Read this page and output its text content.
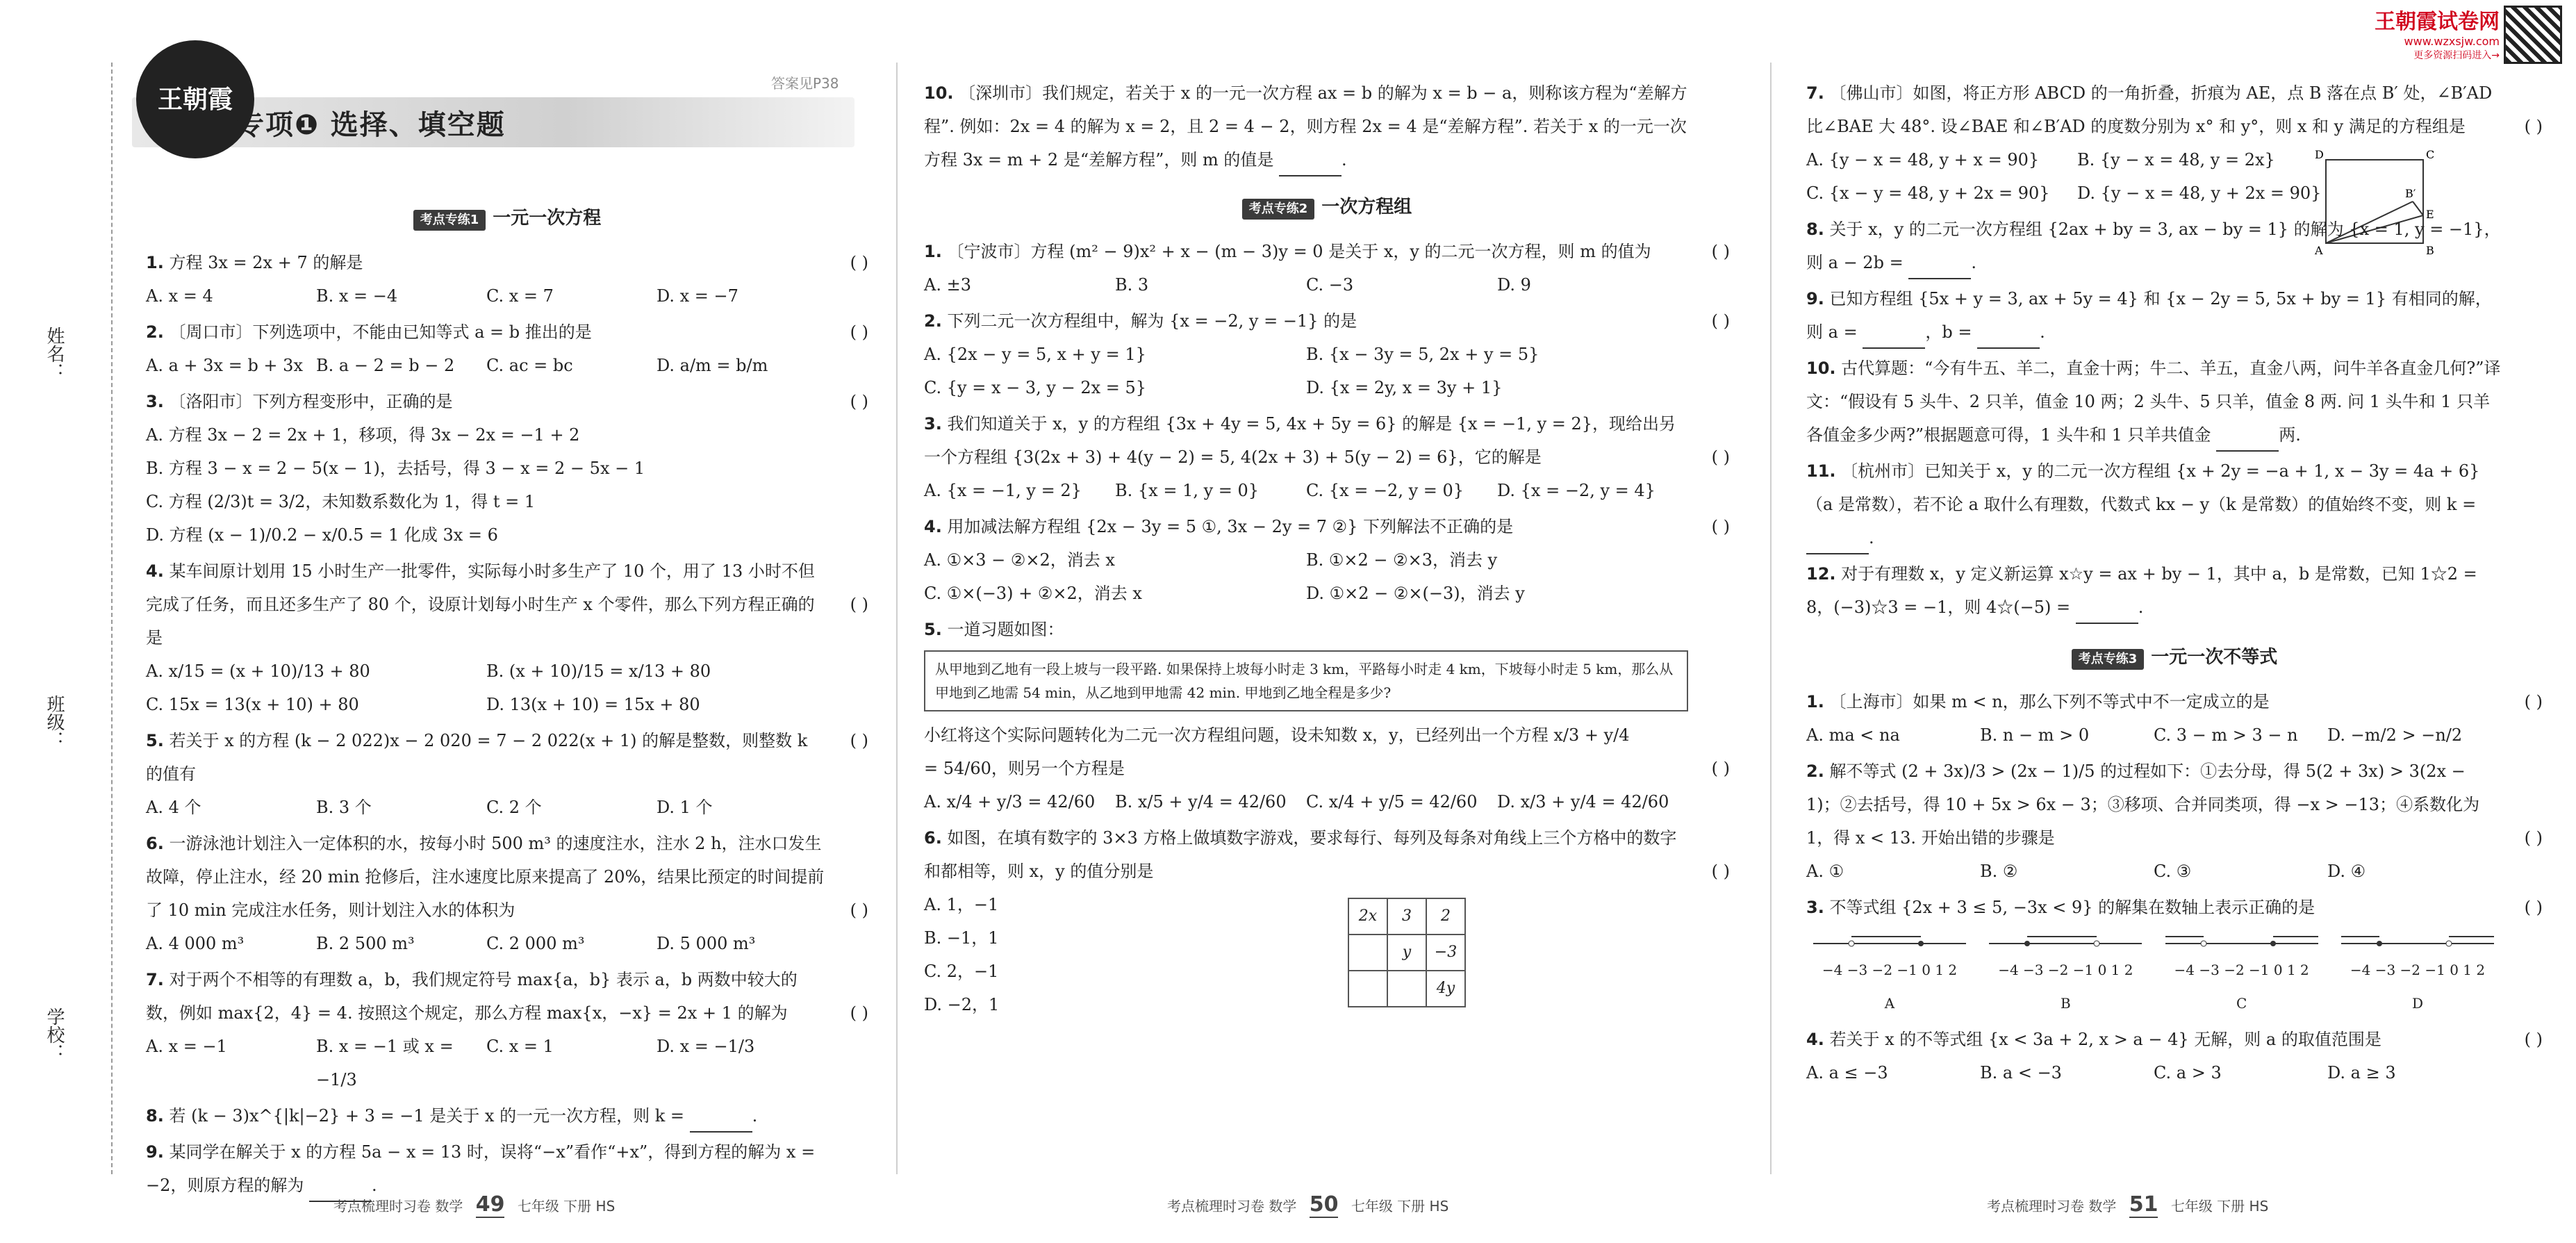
姓名：
班级：
学校：
王朝霞
专项❶ 选择、填空题
答案见P38
考点专练1 一元一次方程
1. 方程 3x = 2x + 7 的解是	( )
A. x = 4	B. x = −4	C. x = 7	D. x = −7
2. 〔周口市〕下列选项中，不能由已知等式 a = b 推出的是	( )
A. a + 3x = b + 3x B. a − 2 = b − 2	C. ac = bc	D. a/m = b/m
3. 〔洛阳市〕下列方程变形中，正确的是	( )
A. 方程 3x − 2 = 2x + 1，移项，得 3x − 2x = −1 + 2
B. 方程 3 − x = 2 − 5(x − 1)，去括号，得 3 − x = 2 − 5x − 1
C. 方程 (2/3)t = 3/2，未知数系数化为 1，得 t = 1
D. 方程 (x − 1)/0.2 − x/0.5 = 1 化成 3x = 6
4. 某车间原计划用 15 小时生产一批零件，实际每小时多生产了 10 个，用了 13 小时不但完成了任务，而且还多生产了 80 个，设原计划每小时生产 x 个零件，那么下列方程正确的是
( )
A. x/15 = (x + 10)/13 + 80	B. (x + 10)/15 = x/13 + 80
C. 15x = 13(x + 10) + 80	D. 13(x + 10) = 15x + 80
5. 若关于 x 的方程 (k − 2 022)x − 2 020 = 7 − 2 022(x + 1) 的解是整数，则整数 k 的值有
( )
A. 4 个	B. 3 个	C. 2 个	D. 1 个
6. 一游泳池计划注入一定体积的水，按每小时 500 m³ 的速度注水，注水 2 h，注水口发生故障，停止注水，经 20 min 抢修后，注水速度比原来提高了 20%，结果比预定的时间提前了 10 min 完成注水任务，则计划注入水的体积为	( )
A. 4 000 m³	B. 2 500 m³	C. 2 000 m³	D. 5 000 m³
7. 对于两个不相等的有理数 a，b，我们规定符号 max{a，b} 表示 a，b 两数中较大的数，例如 max{2，4} = 4. 按照这个规定，那么方程 max{x，−x} = 2x + 1 的解为	( )
A. x = −1	B. x = −1 或 x = −1/3
C. x = 1	D. x = −1/3
8. 若 (k − 3)x^{|k|−2} + 3 = −1 是关于 x 的一元一次方程，则 k =	.
9. 某同学在解关于 x 的方程 5a − x = 13 时，误将“−x”看作“+x”，得到方程的解为 x = −2，则原方程的解为	.
考点梳理时习卷 数学 49 七年级 下册 HS
10. 〔深圳市〕我们规定，若关于 x 的一元一次方程 ax = b 的解为 x = b − a，则称该方程为“差解方程”. 例如：2x = 4 的解为 x = 2，且 2 = 4 − 2，则方程 2x = 4 是“差解方程”. 若关于 x 的一元一次方程 3x = m + 2 是“差解方程”，则 m 的值是	.
考点专练2 一次方程组
1. 〔宁波市〕方程 (m² − 9)x² + x − (m − 3)y = 0 是关于 x，y 的二元一次方程，则 m 的值为	( )
A. ±3	B. 3	C. −3	D. 9
2. 下列二元一次方程组中，解为 {x = −2, y = −1} 的是	( )
A. {2x − y = 5, x + y = 1}	B. {x − 3y = 5, 2x + y = 5}
C. {y = x − 3, y − 2x = 5}	D. {x = 2y, x = 3y + 1}
3. 我们知道关于 x，y 的方程组 {3x + 4y = 5, 4x + 5y = 6} 的解是 {x = −1, y = 2}，现给出另一个方程组 {3(2x + 3) + 4(y − 2) = 5, 4(2x + 3) + 5(y − 2) = 6}，它的解是	( )
A. {x = −1, y = 2}	B. {x = 1, y = 0}	C. {x = −2, y = 0}	D. {x = −2, y = 4}
4. 用加减法解方程组 {2x − 3y = 5 ①, 3x − 2y = 7 ②} 下列解法不正确的是	( )
A. ①×3 − ②×2，消去 x	B. ①×2 − ②×3，消去 y
C. ①×(−3) + ②×2，消去 x	D. ①×2 − ②×(−3)，消去 y
5. 一道习题如图：
从甲地到乙地有一段上坡与一段平路. 如果保持上坡每小时走 3 km，平路每小时走 4 km，下坡每小时走 5 km，那么从甲地到乙地需 54 min，从乙地到甲地需 42 min. 甲地到乙地全程是多少?
小红将这个实际问题转化为二元一次方程组问题，设未知数 x，y，已经列出一个方程 x/3 + y/4 = 54/60，则另一个方程是	( )
A. x/4 + y/3 = 42/60	B. x/5 + y/4 = 42/60	C. x/4 + y/5 = 42/60	D. x/3 + y/4 = 42/60
6. 如图，在填有数字的 3×3 方格上做填数字游戏，要求每行、每列及每条对角线上三个方格中的数字和都相等，则 x，y 的值分别是	( )
2x	3	2
	y	−3
		4y
A. 1，−1
B. −1，1
C. 2，−1
D. −2，1
考点梳理时习卷 数学 50 七年级 下册 HS
王朝霞试卷网
www.wzxsjw.com
更多资源扫码进入→
D	C
B′
E
A	B
7. 〔佛山市〕如图，将正方形 ABCD 的一角折叠，折痕为 AE，点 B 落在点 B′ 处，∠B′AD 比∠BAE 大 48°. 设∠BAE 和∠B′AD 的度数分别为 x° 和 y°，则 x 和 y 满足的方程组是	( )
A. {y − x = 48, y + x = 90}	B. {y − x = 48, y = 2x}
C. {x − y = 48, y + 2x = 90}	D. {y − x = 48, y + 2x = 90}
8. 关于 x，y 的二元一次方程组 {2ax + by = 3, ax − by = 1} 的解为 {x = 1, y = −1}，则 a − 2b =	.
9. 已知方程组 {5x + y = 3, ax + 5y = 4} 和 {x − 2y = 5, 5x + by = 1} 有相同的解，则 a =	，b =	.
10. 古代算题：“今有牛五、羊二，直金十两；牛二、羊五，直金八两，问牛羊各直金几何?”译文：“假设有 5 头牛、2 只羊，值金 10 两；2 头牛、5 只羊，值金 8 两. 问 1 头牛和 1 只羊各值金多少两?”根据题意可得，1 头牛和 1 只羊共值金	两.
11. 〔杭州市〕已知关于 x，y 的二元一次方程组 {x + 2y = −a + 1, x − 3y = 4a + 6}（a 是常数），若不论 a 取什么有理数，代数式 kx − y（k 是常数）的值始终不变，则 k = .
12. 对于有理数 x，y 定义新运算 x☆y = ax + by − 1，其中 a，b 是常数，已知 1☆2 = 8，(−3)☆3 = −1，则 4☆(−5) =	.
考点专练3 一元一次不等式
1. 〔上海市〕如果 m < n，那么下列不等式中不一定成立的是	( )
A. ma < na	B. n − m > 0	C. 3 − m > 3 − n	D. −m/2 > −n/2
2. 解不等式 (2 + 3x)/3 > (2x − 1)/5 的过程如下：①去分母，得 5(2 + 3x) > 3(2x − 1)；②去括号，得 10 + 5x > 6x − 3；③移项、合并同类项，得 −x > −13；④系数化为 1，得 x < 13. 开始出错的步骤是	( )
A. ①	B. ②	C. ③	D. ④
3. 不等式组 {2x + 3 ≤ 5, −3x < 9} 的解集在数轴上表示正确的是	( )
−4 −3 −2 −1 0 1 2
A
−4 −3 −2 −1 0 1 2
B
−4 −3 −2 −1 0 1 2
C
−4 −3 −2 −1 0 1 2
D
4. 若关于 x 的不等式组 {x < 3a + 2, x > a − 4} 无解，则 a 的取值范围是	( )
A. a ≤ −3	B. a < −3	C. a > 3	D. a ≥ 3
考点梳理时习卷 数学 51 七年级 下册 HS
